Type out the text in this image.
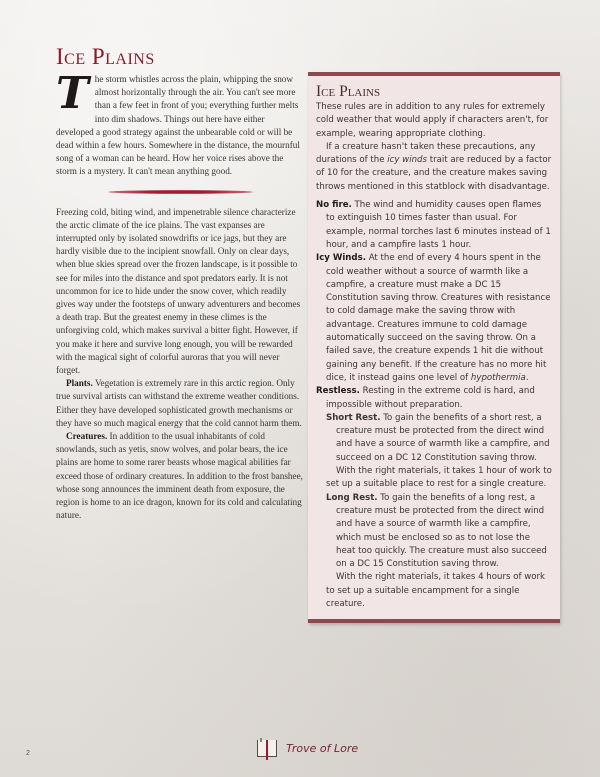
Ice Plains

The storm whistles across the plain, whipping the snow almost horizontally through the air. You can't see more than a few feet in front of you; everything further melts into dim shadows. Things out here have either developed a good strategy against the unbearable cold or will be dead within a few hours. Somewhere in the distance, the mournful song of a woman can be heard. How her voice rises above the storm is a mystery. It can't mean anything good.

Freezing cold, biting wind, and impenetrable silence characterize the arctic climate of the ice plains. The vast expanses are interrupted only by isolated snowdrifts or ice jags, but they are hardly visible due to the incipient snowfall. Only on clear days, when blue skies spread over the frozen landscape, is it possible to see for miles into the distance and spot predators early. It is not uncommon for ice to hide under the snow cover, which readily gives way under the footsteps of unwary adventurers and becomes a death trap. But the greatest enemy in these climes is the unforgiving cold, which makes survival a bitter fight. However, if you make it here and survive long enough, you will be rewarded with the magical sight of colorful auroras that you will never forget.

Plants. Vegetation is extremely rare in this arctic region. Only true survival artists can withstand the extreme weather conditions. Either they have developed sophisticated growth mechanisms or they have so much magical energy that the cold cannot harm them.

Creatures. In addition to the usual inhabitants of cold snowlands, such as yetis, snow wolves, and polar bears, the ice plains are home to some rarer beasts whose magical abilities far exceed those of ordinary creatures. In addition to the frost banshee, whose song announces the imminent death from exposure, the region is home to an ice dragon, known for its cold and calculating nature.

Ice Plains

These rules are in addition to any rules for extremely cold weather that would apply if characters aren't, for example, wearing appropriate clothing.

If a creature hasn't taken these precautions, any durations of the icy winds trait are reduced by a factor of 10 for the creature, and the creature makes saving throws mentioned in this statblock with disadvantage.

No fire. The wind and humidity causes open flames to extinguish 10 times faster than usual. For example, normal torches last 6 minutes instead of 1 hour, and a campfire lasts 1 hour.

Icy Winds. At the end of every 4 hours spent in the cold weather without a source of warmth like a campfire, a creature must make a DC 15 Constitution saving throw. Creatures with resistance to cold damage make the saving throw with advantage. Creatures immune to cold damage automatically succeed on the saving throw. On a failed save, the creature expends 1 hit die without gaining any benefit. If the creature has no more hit dice, it instead gains one level of hypothermia.

Restless. Resting in the extreme cold is hard, and impossible without preparation.

Short Rest. To gain the benefits of a short rest, a creature must be protected from the direct wind and have a source of warmth like a campfire, and succeed on a DC 12 Constitution saving throw.

With the right materials, it takes 1 hour of work to set up a suitable place to rest for a single creature.

Long Rest. To gain the benefits of a long rest, a creature must be protected from the direct wind and have a source of warmth like a campfire, which must be enclosed so as to not lose the heat too quickly. The creature must also succeed on a DC 15 Constitution saving throw.

With the right materials, it takes 4 hours of work to set up a suitable encampment for a single creature.

2	Trove of Lore
